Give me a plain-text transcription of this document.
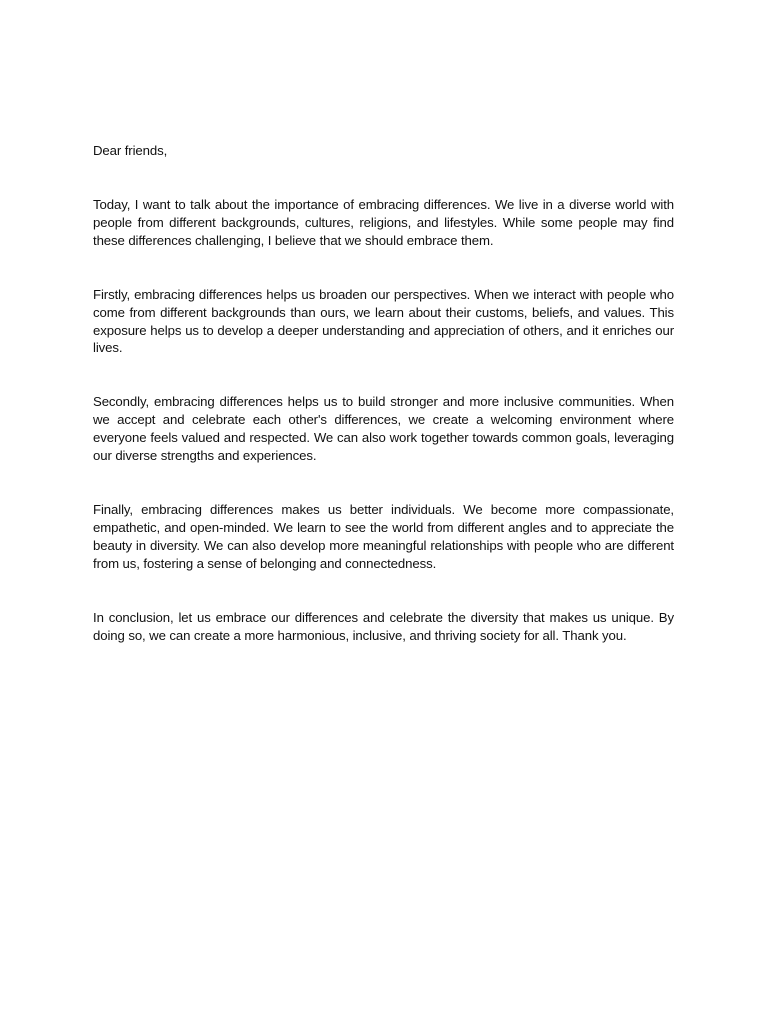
Dear friends,

Today, I want to talk about the importance of embracing differences. We live in a diverse world with people from different backgrounds, cultures, religions, and lifestyles. While some people may find these differences challenging, I believe that we should embrace them.

Firstly, embracing differences helps us broaden our perspectives. When we interact with people who come from different backgrounds than ours, we learn about their customs, beliefs, and values. This exposure helps us to develop a deeper understanding and appreciation of others, and it enriches our lives.

Secondly, embracing differences helps us to build stronger and more inclusive communities. When we accept and celebrate each other's differences, we create a welcoming environment where everyone feels valued and respected. We can also work together towards common goals, leveraging our diverse strengths and experiences.

Finally, embracing differences makes us better individuals. We become more compassionate, empathetic, and open-minded. We learn to see the world from different angles and to appreciate the beauty in diversity. We can also develop more meaningful relationships with people who are different from us, fostering a sense of belonging and connectedness.

In conclusion, let us embrace our differences and celebrate the diversity that makes us unique. By doing so, we can create a more harmonious, inclusive, and thriving society for all. Thank you.
